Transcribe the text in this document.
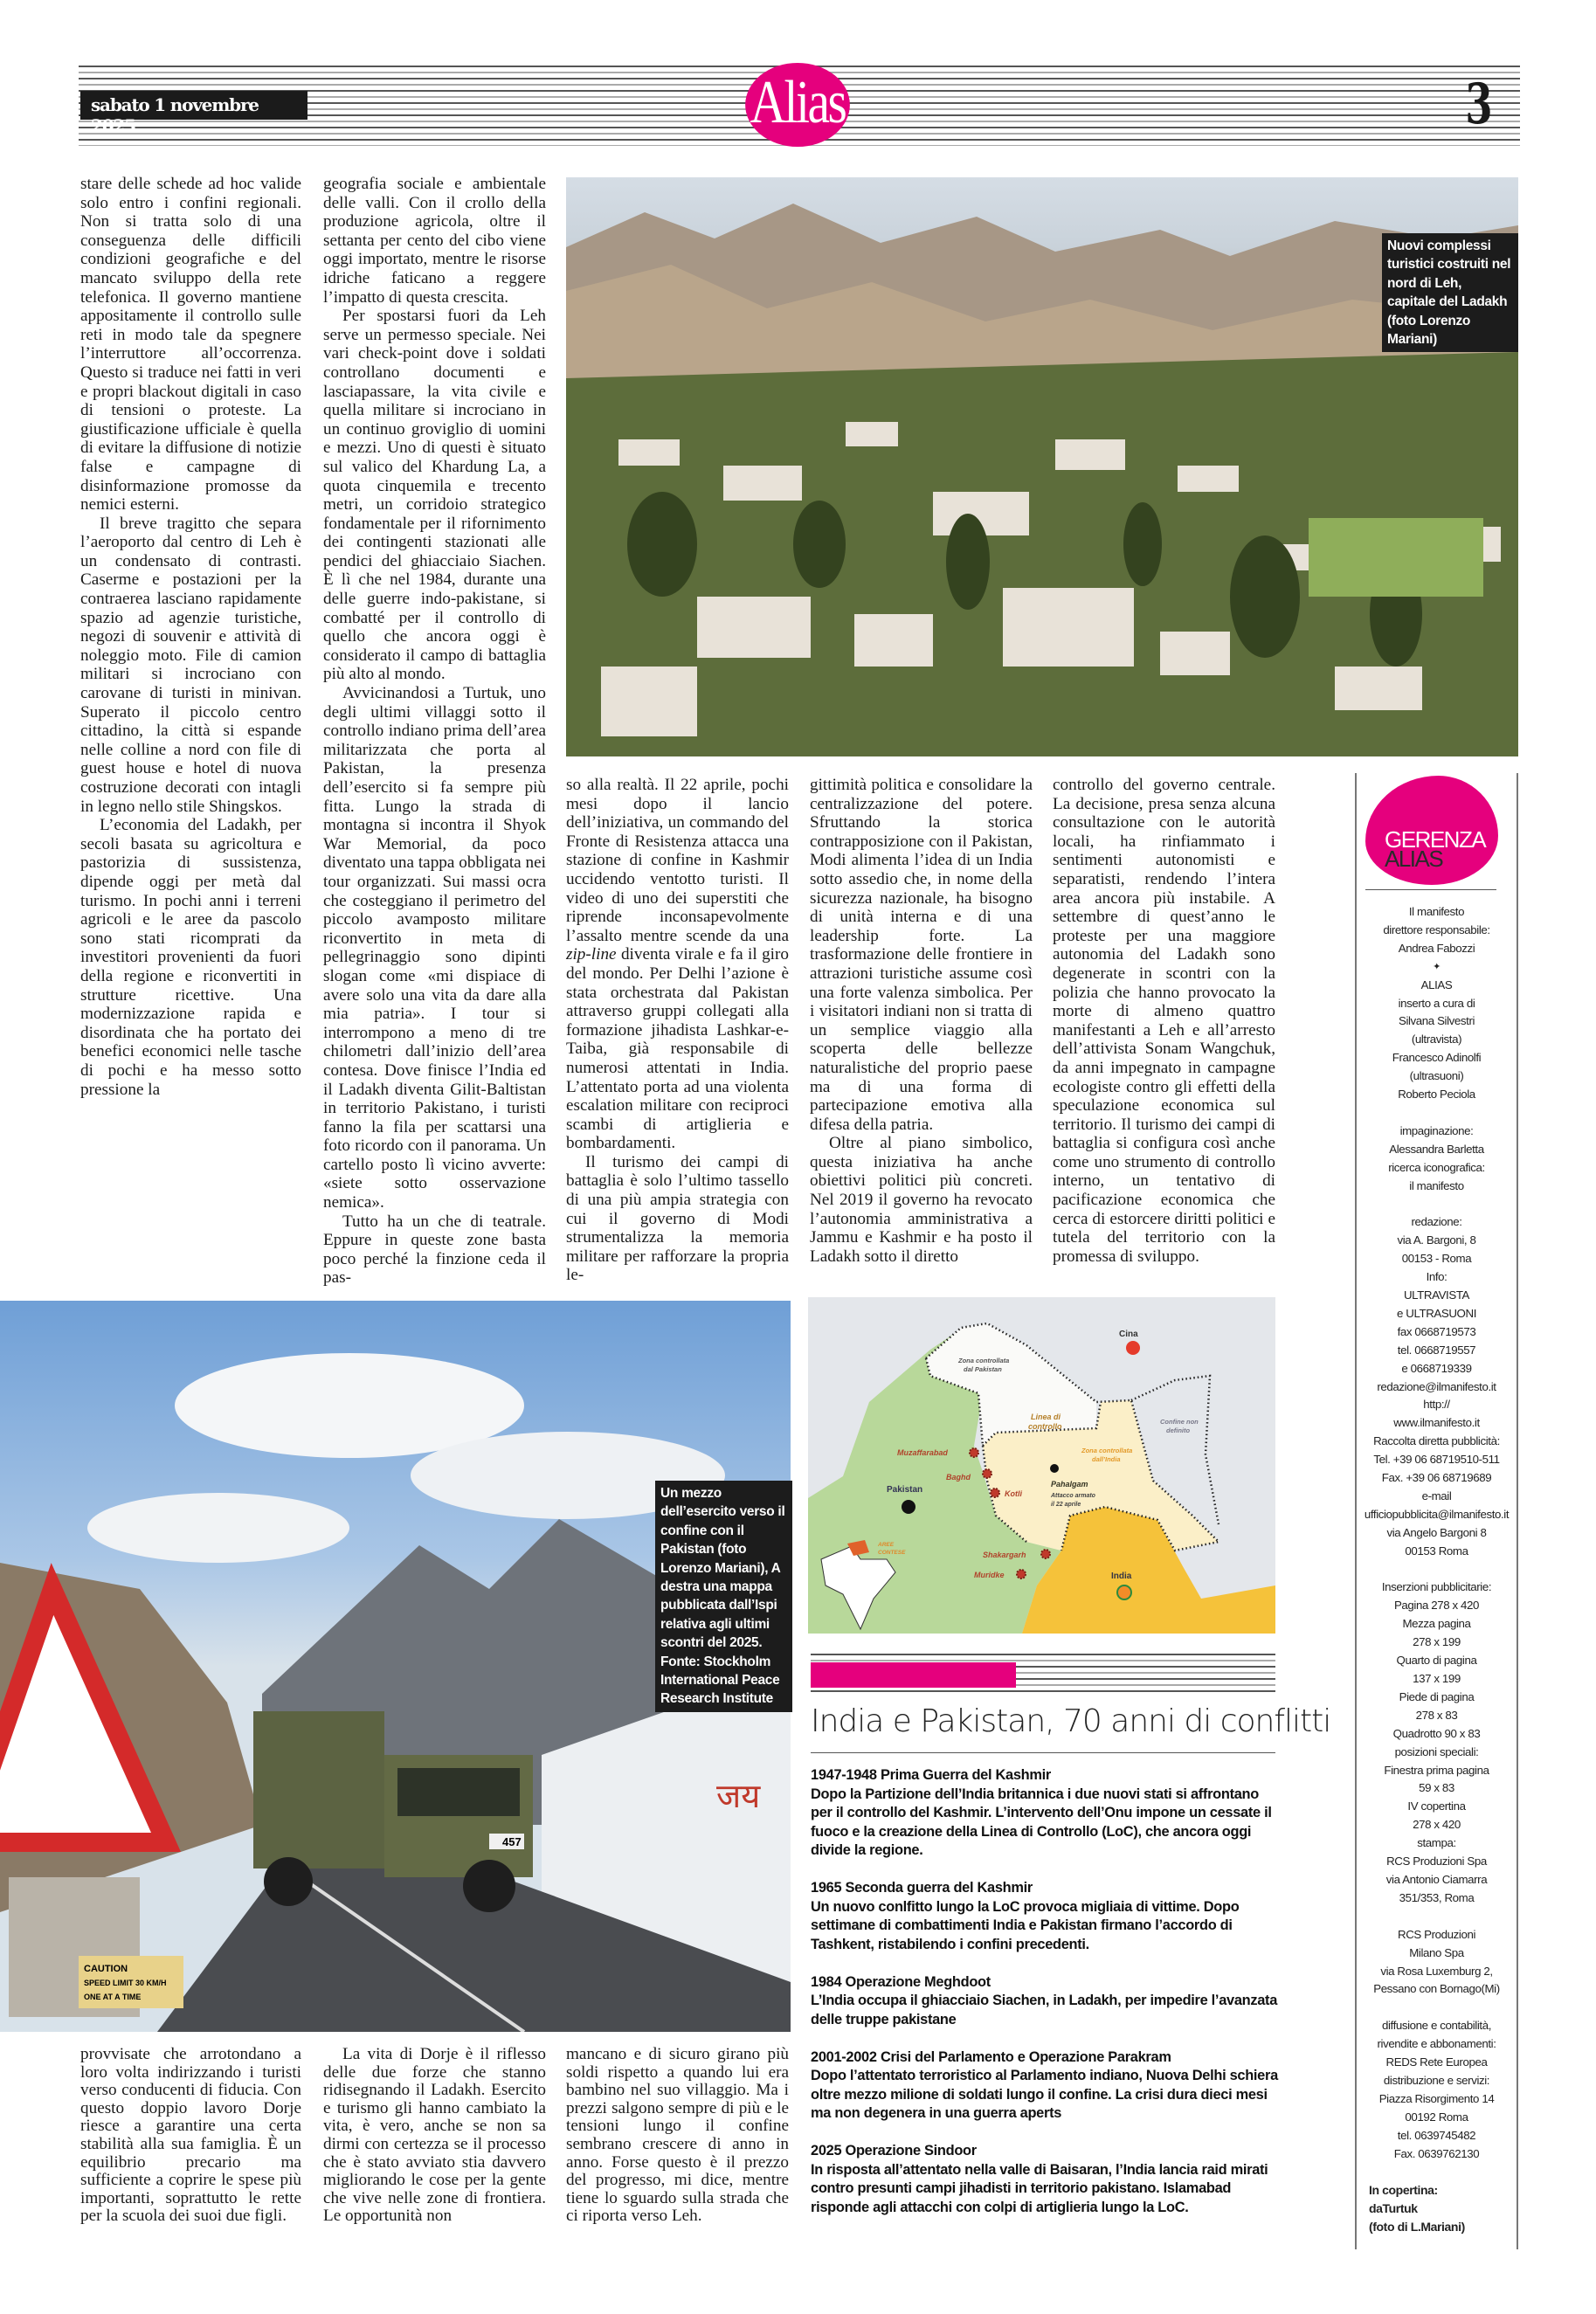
sabato 1 novembre 2025	Alias	3

stare delle schede ad hoc valide solo entro i confini regionali. Non si tratta solo di una conseguenza delle difficili condizioni geografiche e del mancato sviluppo della rete telefonica. Il governo mantiene appositamente il controllo sulle reti in modo tale da spegnere l’interruttore all’occorrenza. Questo si traduce nei fatti in veri e propri blackout digitali in caso di tensioni o proteste. La giustificazione ufficiale è quella di evitare la diffusione di notizie false e campagne di disinformazione promosse da nemici esterni.

Il breve tragitto che separa l’aeroporto dal centro di Leh è un condensato di contrasti. Caserme e postazioni per la contraerea lasciano rapidamente spazio ad agenzie turistiche, negozi di souvenir e attività di noleggio moto. File di camion militari si incrociano con carovane di turisti in minivan. Superato il piccolo centro cittadino, la città si espande nelle colline a nord con file di guest house e hotel di nuova costruzione decorati con intagli in legno nello stile Shingskos.

L’economia del Ladakh, per secoli basata su agricoltura e pastorizia di sussistenza, dipende oggi per metà dal turismo. In pochi anni i terreni agricoli e le aree da pascolo sono stati ricomprati da investitori provenienti da fuori della regione e riconvertiti in strutture ricettive. Una modernizzazione rapida e disordinata che ha portato dei benefici economici nelle tasche di pochi e ha messo sotto pressione la

geografia sociale e ambientale delle valli. Con il crollo della produzione agricola, oltre il settanta per cento del cibo viene oggi importato, mentre le risorse idriche faticano a reggere l’impatto di questa crescita.

Per spostarsi fuori da Leh serve un permesso speciale. Nei vari check-point dove i soldati controllano documenti e lasciapassare, la vita civile e quella militare si incrociano in un continuo groviglio di uomini e mezzi. Uno di questi è situato sul valico del Khardung La, a quota cinquemila e trecento metri, un corridoio strategico fondamentale per il rifornimento dei contingenti stazionati alle pendici del ghiacciaio Siachen. È lì che nel 1984, durante una delle guerre indo-pakistane, si combatté per il controllo di quello che ancora oggi è considerato il campo di battaglia più alto al mondo.

Avvicinandosi a Turtuk, uno degli ultimi villaggi sotto il controllo indiano prima dell’area militarizzata che porta al Pakistan, la presenza dell’esercito si fa sempre più fitta. Lungo la strada di montagna si incontra il Shyok War Memorial, da poco diventato una tappa obbligata nei tour organizzati. Sui massi ocra che costeggiano il perimetro del piccolo avamposto militare riconvertito in meta di pellegrinaggio sono dipinti slogan come «mi dispiace di avere solo una vita da dare alla mia patria». I tour si interrompono a meno di tre chilometri dall’inizio dell’area contesa. Dove finisce l’India ed il Ladakh diventa Gilit-Baltistan in territorio Pakistano, i turisti fanno la fila per scattarsi una foto ricordo con il panorama. Un cartello posto lì vicino avverte: «siete sotto osservazione nemica».

Tutto ha un che di teatrale. Eppure in queste zone basta poco perché la finzione ceda il pas-

Nuovi complessi turistici costruiti nel nord di Leh, capitale del Ladakh (foto Lorenzo Mariani)

so alla realtà. Il 22 aprile, pochi mesi dopo il lancio dell’iniziativa, un commando del Fronte di Resistenza attacca una stazione di confine in Kashmir uccidendo ventotto turisti. Il video di uno dei superstiti che riprende inconsapevolmente l’assalto mentre scende da una zip-line diventa virale e fa il giro del mondo. Per Delhi l’azione è stata orchestrata dal Pakistan attraverso gruppi collegati alla formazione jihadista Lashkar-e-Taiba, già responsabile di numerosi attentati in India. L’attentato porta ad una violenta escalation militare con reciproci scambi di artiglieria e bombardamenti.

Il turismo dei campi di battaglia è solo l’ultimo tassello di una più ampia strategia con cui il governo di Modi strumentalizza la memoria militare per rafforzare la propria le-

gittimità politica e consolidare la centralizzazione del potere. Sfruttando la storica contrapposizione con il Pakistan, Modi alimenta l’idea di un India sotto assedio che, in nome della sicurezza nazionale, ha bisogno di unità interna e di una leadership forte. La trasformazione delle frontiere in attrazioni turistiche assume così una forte valenza simbolica. Per i visitatori indiani non si tratta di un semplice viaggio alla scoperta delle bellezze naturalistiche del proprio paese ma di una forma di partecipazione emotiva alla difesa della patria.

Oltre al piano simbolico, questa iniziativa ha anche obiettivi politici più concreti. Nel 2019 il governo ha revocato l’autonomia amministrativa a Jammu e Kashmir e ha posto il Ladakh sotto il diretto

controllo del governo centrale. La decisione, presa senza alcuna consultazione con le autorità locali, ha rinfiammato i sentimenti autonomisti e separatisti, rendendo l’intera area ancora più instabile. A settembre di quest’anno le proteste per una maggiore autonomia del Ladakh sono degenerate in scontri con la polizia che hanno provocato la morte di almeno quattro manifestanti a Leh e all’arresto dell’attivista Sonam Wangchuk, da anni impegnato in campagne ecologiste contro gli effetti della speculazione economica sul territorio. Il turismo dei campi di battaglia si configura così anche come uno strumento di controllo interno, un tentativo di pacificazione economica che cerca di estorcere diritti politici e tutela del territorio con la promessa di sviluppo.

GERENZA
ALIAS
Il manifesto
direttore responsabile:
Andrea Fabozzi
✦
ALIAS
inserto a cura di
Silvana Silvestri
(ultravista)
Francesco Adinolfi
(ultrasuoni)
Roberto Peciola
impaginazione:
Alessandra Barletta
ricerca iconografica:
il manifesto
redazione:
via A. Bargoni, 8
00153 - Roma
Info:
ULTRAVISTA
e ULTRASUONI
fax 0668719573
tel. 0668719557
e 0668719339
redazione@ilmanifesto.it
http://
www.ilmanifesto.it
Raccolta diretta pubblicità:
Tel. +39 06 68719510-511
Fax. +39 06 68719689
e-mail
ufficiopubblicita@ilmanifesto.it
via Angelo Bargoni 8
00153 Roma
Inserzioni pubblicitarie:
Pagina 278 x 420
Mezza pagina
278 x 199
Quarto di pagina
137 x 199
Piede di pagina
278 x 83
Quadrotto 90 x 83
posizioni speciali:
Finestra prima pagina
59 x 83
IV copertina
278 x 420
stampa:
RCS Produzioni Spa
via Antonio Ciamarra
351/353, Roma
RCS Produzioni
Milano Spa
via Rosa Luxemburg 2,
Pessano con Bornago(Mi)
diffusione e contabilità,
rivendite e abbonamenti:
REDS Rete Europea
distribuzione e servizi:
Piazza Risorgimento 14
00192 Roma
tel. 0639745482
Fax. 0639762130
In copertina:
daTurtuk
(foto di L.Mariani)
457
जय
CAUTION
SPEED LIMIT 30 KM/H
ONE AT A TIME
Un mezzo dell’esercito verso il confine con il Pakistan (foto Lorenzo Mariani), A destra una mappa pubblicata dall’Ispi relativa agli ultimi scontri del 2025. Fonte: Stockholm International Peace Research Institute
Cina
Zona controllata
dal Pakistan
Linea di
controllo
Confine non
definito
Zona controllata
dall’India
Muzaffarabad
Baghd
Kotli
Pakistan
Pahalgam
Attacco armato
il 22 aprile
AREE
CONTESE	Shakargarh
Muridke	India
India e Pakistan, 70 anni di conflitti
1947-1948 Prima Guerra del Kashmir
Dopo la Partizione dell’India britannica i due nuovi stati si affrontano per il controllo del Kashmir. L’intervento dell’Onu impone un cessate il fuoco e la creazione della Linea di Controllo (LoC), che ancora oggi divide la regione.
1965 Seconda guerra del Kashmir
Un nuovo conlfitto lungo la LoC provoca migliaia di vittime. Dopo settimane di combattimenti India e Pakistan firmano l’accordo di Tashkent, ristabilendo i confini precedenti.
1984 Operazione Meghdoot
L’India occupa il ghiacciaio Siachen, in Ladakh, per impedire l’avanzata delle truppe pakistane
2001-2002 Crisi del Parlamento e Operazione Parakram
Dopo l’attentato terroristico al Parlamento indiano, Nuova Delhi schiera oltre mezzo milione di soldati lungo il confine. La crisi dura dieci mesi ma non degenera in una guerra aperts
2025 Operazione Sindoor
In risposta all’attentato nella valle di Baisaran, l’India lancia raid mirati contro presunti campi jihadisti in territorio pakistano. Islamabad risponde agli attacchi con colpi di artiglieria lungo la LoC.

provvisate che arrotondano a loro volta indirizzando i turisti verso conducenti di fiducia. Con questo doppio lavoro Dorje riesce a garantire una certa stabilità alla sua famiglia. È un equilibrio precario ma sufficiente a coprire le spese più importanti, soprattutto le rette per la scuola dei suoi due figli.

La vita di Dorje è il riflesso delle due forze che stanno ridisegnando il Ladakh. Esercito e turismo gli hanno cambiato la vita, è vero, anche se non sa dirmi con certezza se il processo che è stato avviato stia davvero migliorando le cose per la gente che vive nelle zone di frontiera. Le opportunità non

mancano e di sicuro girano più soldi rispetto a quando lui era bambino nel suo villaggio. Ma i prezzi salgono sempre di più e le tensioni lungo il confine sembrano crescere di anno in anno. Forse questo è il prezzo del progresso, mi dice, mentre tiene lo sguardo sulla strada che ci riporta verso Leh.
